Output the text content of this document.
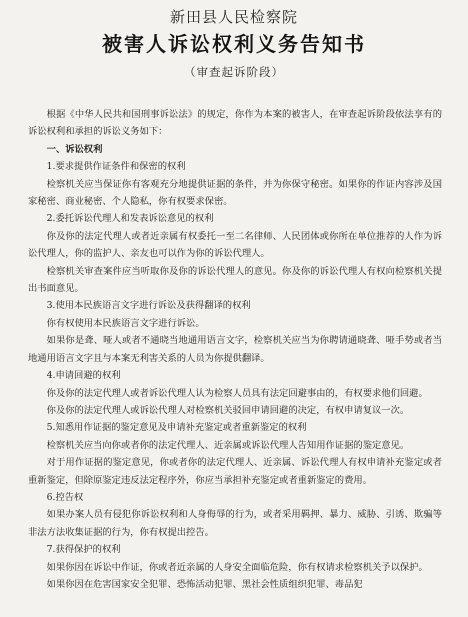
新田县人民检察院
被害人诉讼权利义务告知书
（审查起诉阶段）

根据《中华人民共和国刑事诉讼法》的规定，你作为本案的被害人，在审查起诉阶段依法享有的诉讼权利和承担的诉讼义务如下：

一、诉讼权利

1.要求提供作证条件和保密的权利

检察机关应当保证你有客观充分地提供证据的条件，并为你保守秘密。如果你的作证内容涉及国家秘密、商业秘密、个人隐私，你有权要求保密。

2.委托诉讼代理人和发表诉讼意见的权利

你及你的法定代理人或者近亲属有权委托一至二名律师、人民团体或你所在单位推荐的人作为诉讼代理人，你的监护人、亲友也可以作为你的诉讼代理人。

检察机关审查案件应当听取你及你的诉讼代理人的意见。你及你的诉讼代理人有权向检察机关提出书面意见。

3.使用本民族语言文字进行诉讼及获得翻译的权利

你有权使用本民族语言文字进行诉讼。

如果你是聋、哑人或者不通晓当地通用语言文字，检察机关应当为你聘请通晓聋、哑手势或者当地通用语言文字且与本案无利害关系的人员为你提供翻译。

4.申请回避的权利

你及你的法定代理人或者诉讼代理人认为检察人员具有法定回避事由的，有权要求他们回避。

你及你的法定代理人或诉讼代理人对检察机关驳回申请回避的决定，有权申请复议一次。

5.知悉用作证据的鉴定意见及申请补充鉴定或者重新鉴定的权利

检察机关应当向你或者你的法定代理人、近亲属或诉讼代理人告知用作证据的鉴定意见。

对于用作证据的鉴定意见，你或者你的法定代理人、近亲属、诉讼代理人有权申请补充鉴定或者重新鉴定，但除原鉴定违反法定程序外，你应当承担补充鉴定或者重新鉴定的费用。

6.控告权

如果办案人员有侵犯你诉讼权利和人身侮辱的行为，或者采用羁押、暴力、威胁、引诱、欺骗等非法方法收集证据的行为，你有权提出控告。

7.获得保护的权利

如果你因在诉讼中作证，你或者近亲属的人身安全面临危险，你有权请求检察机关予以保护。

如果你因在危害国家安全犯罪、恐怖活动犯罪、黑社会性质组织犯罪、毒品犯
